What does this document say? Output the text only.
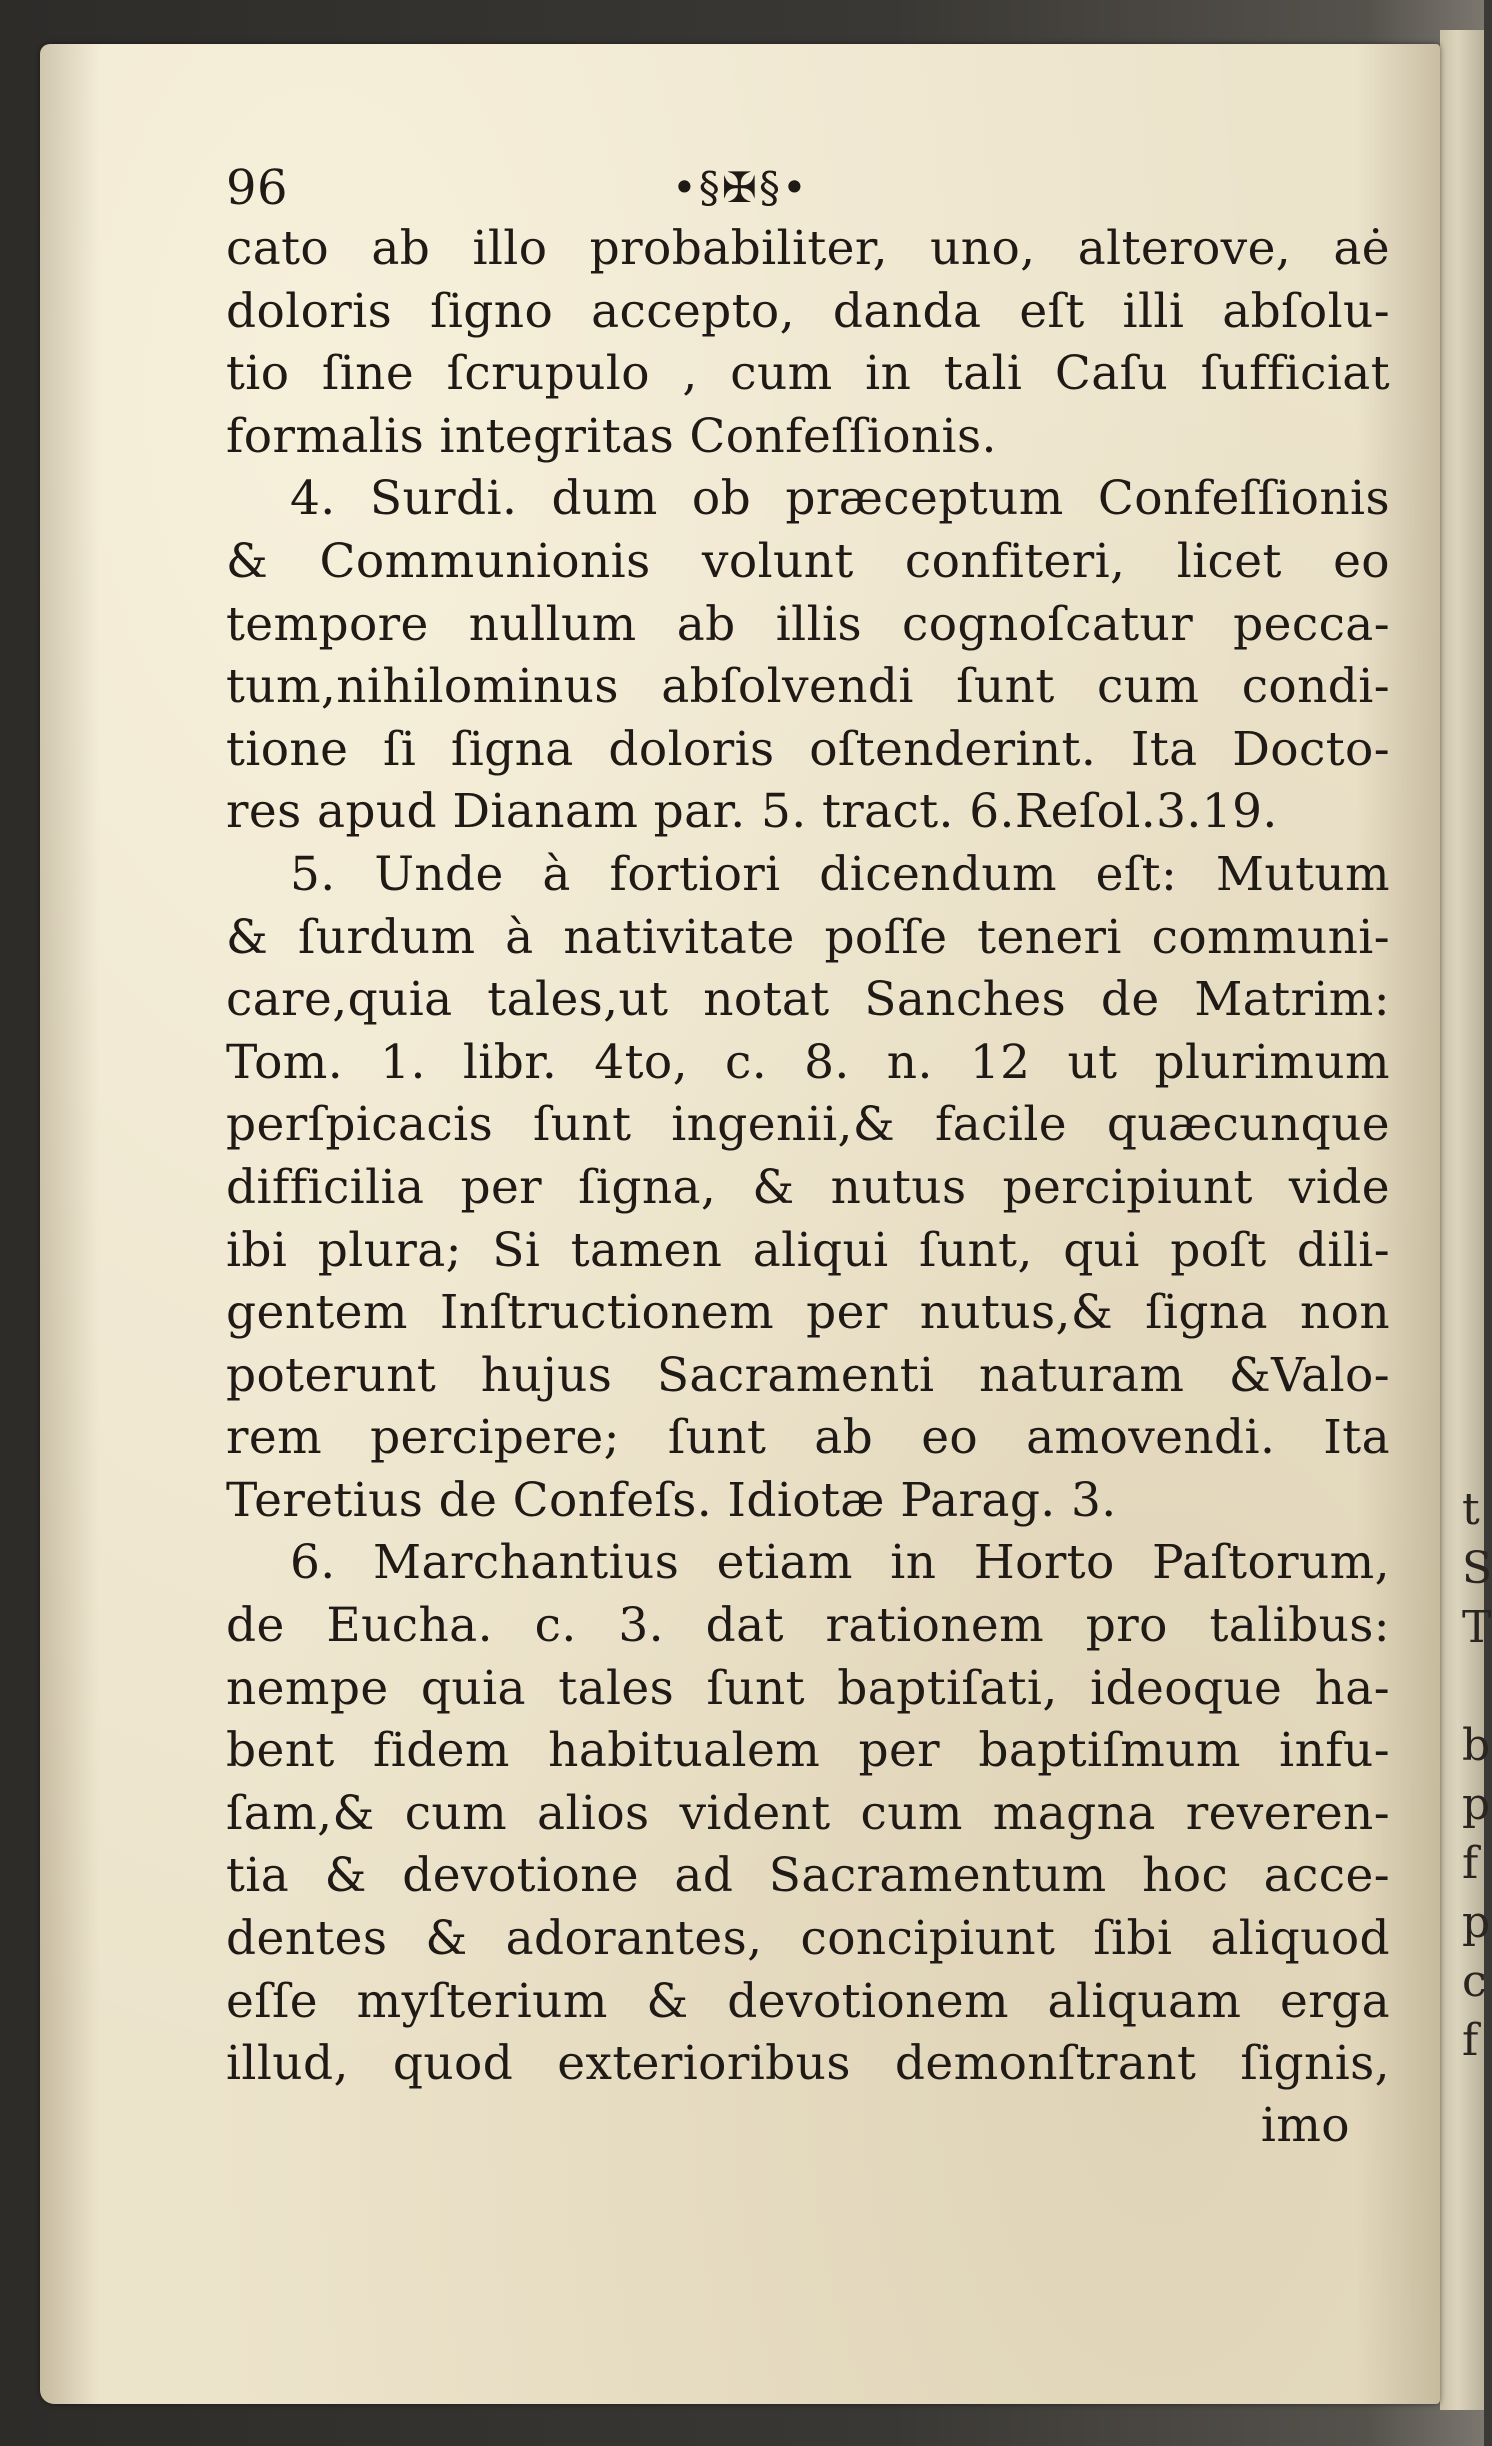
t
S
T

b
p
f
p
c
f
96	•§✠§•
cato ab illo probabiliter, uno, alterove, aė
doloris ſigno accepto, danda eſt illi abſolu-
tio ſine ſcrupulo , cum in tali Caſu ſufficiat
formalis integritas Confeſſionis.
4. Surdi. dum ob præceptum Confeſſionis
& Communionis volunt confiteri, licet eo
tempore nullum ab illis cognoſcatur pecca-
tum,nihilominus abſolvendi ſunt cum condi-
tione ſi ſigna doloris oſtenderint. Ita Docto-
res apud Dianam par. 5. tract. 6.Reſol.3.19.
5. Unde à fortiori dicendum eſt: Mutum
& ſurdum à nativitate poſſe teneri communi-
care,quia tales,ut notat Sanches de Matrim:
Tom. 1. libr. 4to, c. 8. n. 12 ut plurimum
perſpicacis ſunt ingenii,& facile quæcunque
difficilia per ſigna, & nutus percipiunt vide
ibi plura; Si tamen aliqui ſunt, qui poſt dili-
gentem Inſtructionem per nutus,& ſigna non
poterunt hujus Sacramenti naturam &Valo-
rem percipere; ſunt ab eo amovendi. Ita
Teretius de Confeſs. Idiotæ Parag. 3.
6. Marchantius etiam in Horto Paſtorum,
de Eucha. c. 3. dat rationem pro talibus:
nempe quia tales ſunt baptiſati, ideoque ha-
bent fidem habitualem per baptiſmum infu-
ſam,& cum alios vident cum magna reveren-
tia & devotione ad Sacramentum hoc acce-
dentes & adorantes, concipiunt ſibi aliquod
eſſe myſterium & devotionem aliquam erga
illud, quod exterioribus demonſtrant ſignis,
imo
